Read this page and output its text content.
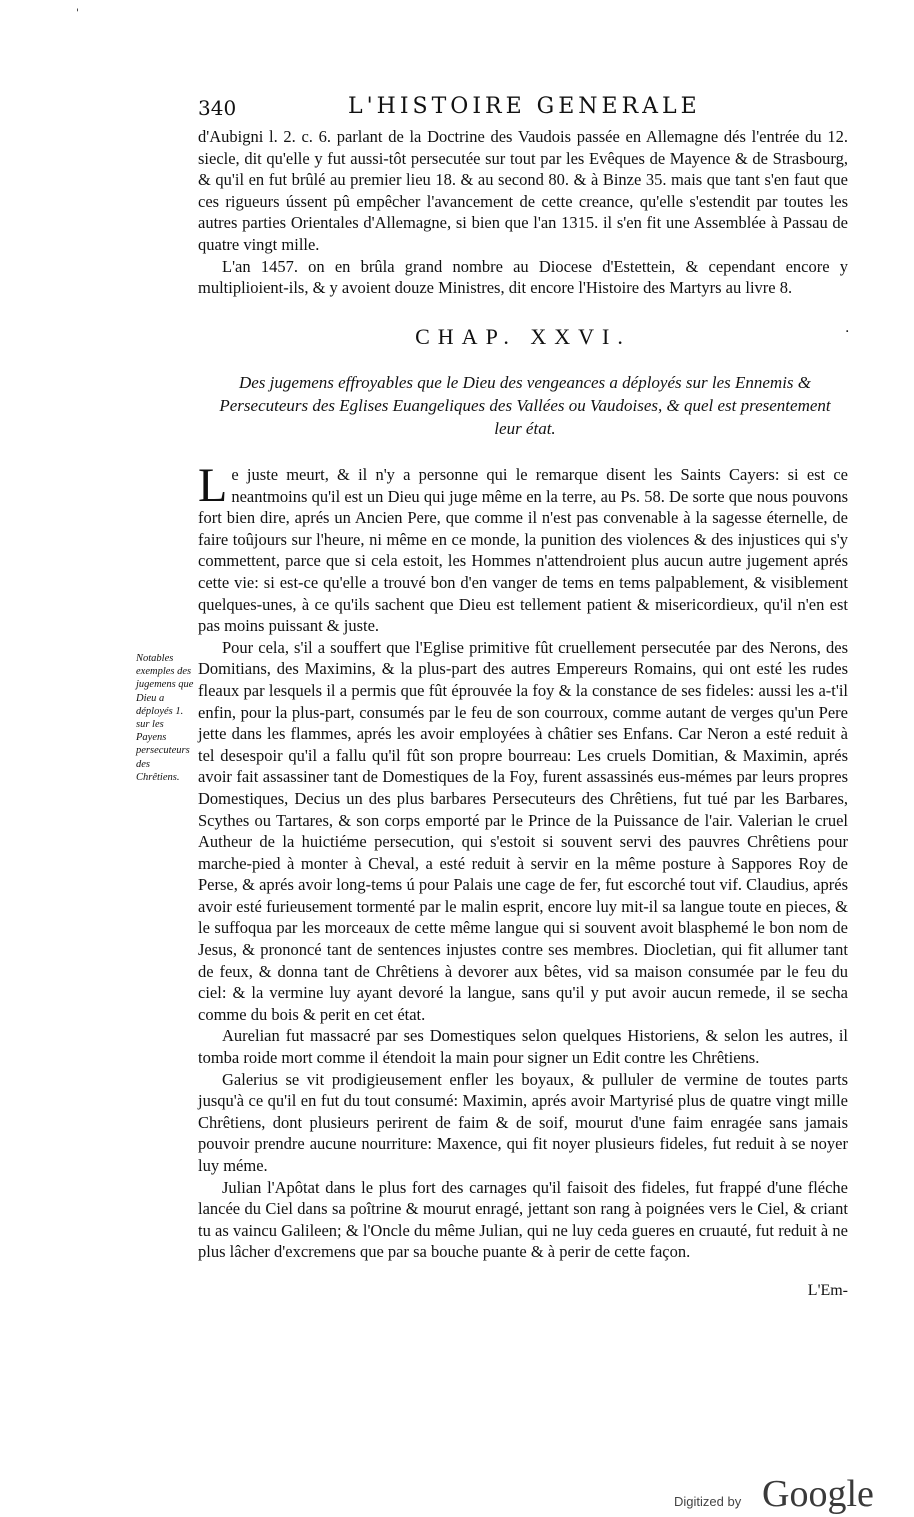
'
340	L'HISTOIRE GENERALE

d'Aubigni l. 2. c. 6. parlant de la Doctrine des Vaudois passée en Allemagne dés l'entrée du 12. siecle, dit qu'elle y fut aussi-tôt persecutée sur tout par les Evêques de Mayence & de Strasbourg, & qu'il en fut brûlé au premier lieu 18. & au second 80. & à Binze 35. mais que tant s'en faut que ces rigueurs ússent pû empêcher l'avancement de cette creance, qu'elle s'estendit par toutes les autres parties Orientales d'Allemagne, si bien que l'an 1315. il s'en fit une Assemblée à Passau de quatre vingt mille.

L'an 1457. on en brûla grand nombre au Diocese d'Estettein, & cependant encore y multiplioient-ils, & y avoient douze Ministres, dit encore l'Histoire des Martyrs au livre 8.

CHAP. XXVI.	·
Des jugemens effroyables que le Dieu des vengeances a déployés sur les Ennemis & Persecuteurs des Eglises Euangeliques des Vallées ou Vaudoises, & quel est presentement leur état.

Le juste meurt, & il n'y a personne qui le remarque disent les Saints Cayers: si est ce neantmoins qu'il est un Dieu qui juge même en la terre, au Ps. 58. De sorte que nous pouvons fort bien dire, aprés un Ancien Pere, que comme il n'est pas convenable à la sagesse éternelle, de faire toûjours sur l'heure, ni même en ce monde, la punition des violences & des injustices qui s'y commettent, parce que si cela estoit, les Hommes n'attendroient plus aucun autre jugement aprés cette vie: si est-ce qu'elle a trouvé bon d'en vanger de tems en tems palpablement, & visiblement quelques-unes, à ce qu'ils sachent que Dieu est tellement patient & misericordieux, qu'il n'en est pas moins puissant & juste.

Pour cela, s'il a souffert que l'Eglise primitive fût cruellement persecutée par des Nerons, des Domitians, des Maximins, & la plus-part des autres Empereurs Romains, qui ont esté les rudes fleaux par lesquels il a permis que fût éprouvée la foy & la constance de ses fideles: aussi les a-t'il enfin, pour la plus-part, consumés par le feu de son courroux, comme autant de verges qu'un Pere jette dans les flammes, aprés les avoir employées à châtier ses Enfans. Car Neron a esté reduit à tel desespoir qu'il a fallu qu'il fût son propre bourreau: Les cruels Domitian, & Maximin, aprés avoir fait assassiner tant de Domestiques de la Foy, furent assassinés eus-mémes par leurs propres Domestiques, Decius un des plus barbares Persecuteurs des Chrêtiens, fut tué par les Barbares, Scythes ou Tartares, & son corps emporté par le Prince de la Puissance de l'air. Valerian le cruel Autheur de la huictiéme persecution, qui s'estoit si souvent servi des pauvres Chrêtiens pour marche-pied à monter à Cheval, a esté reduit à servir en la même posture à Sappores Roy de Perse, & aprés avoir long-tems ú pour Palais une cage de fer, fut escorché tout vif. Claudius, aprés avoir esté furieusement tormenté par le malin esprit, encore luy mit-il sa langue toute en pieces, & le suffoqua par les morceaux de cette même langue qui si souvent avoit blasphemé le bon nom de Jesus, & prononcé tant de sentences injustes contre ses membres. Diocletian, qui fit allumer tant de feux, & donna tant de Chrêtiens à devorer aux bêtes, vid sa maison consumée par le feu du ciel: & la vermine luy ayant devoré la langue, sans qu'il y put avoir aucun remede, il se secha comme du bois & perit en cet état.

Aurelian fut massacré par ses Domestiques selon quelques Historiens, & selon les autres, il tomba roide mort comme il étendoit la main pour signer un Edit contre les Chrêtiens.

Galerius se vit prodigieusement enfler les boyaux, & pulluler de vermine de toutes parts jusqu'à ce qu'il en fut du tout consumé: Maximin, aprés avoir Martyrisé plus de quatre vingt mille Chrêtiens, dont plusieurs perirent de faim & de soif, mourut d'une faim enragée sans jamais pouvoir prendre aucune nourriture: Maxence, qui fit noyer plusieurs fideles, fut reduit à se noyer luy méme.

Julian l'Apôtat dans le plus fort des carnages qu'il faisoit des fideles, fut frappé d'une fléche lancée du Ciel dans sa poîtrine & mourut enragé, jettant son rang à poignées vers le Ciel, & criant tu as vaincu Galileen; & l'Oncle du même Julian, qui ne luy ceda gueres en cruauté, fut reduit à ne plus lâcher d'excremens que par sa bouche puante & à perir de cette façon.

Notables exemples des jugemens que Dieu a déployés 1. sur les Payens persecuteurs des Chrêtiens.
L'Em-
Digitized by Google
